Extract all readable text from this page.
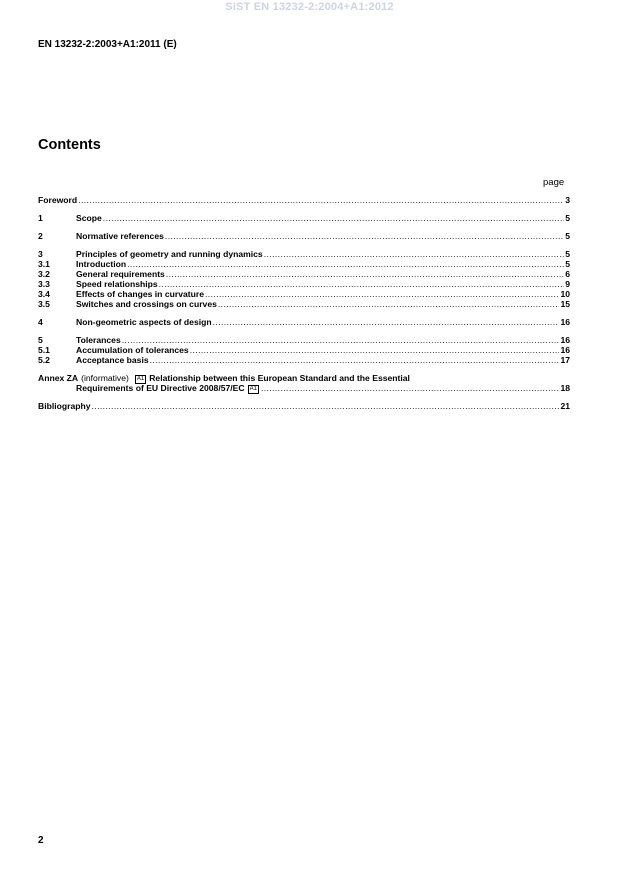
SIST EN 13232-2:2004+A1:2012
EN 13232-2:2003+A1:2011 (E)
Contents
page
Foreword .....	3
1	Scope .....	5
2	Normative references .....	5
3	Principles of geometry and running dynamics .....	5
3.1	Introduction .....	5
3.2	General requirements .....	6
3.3	Speed relationships .....	9
3.4	Effects of changes in curvature .....	10
3.5	Switches and crossings on curves .....	15
4	Non-geometric aspects of design .....	16
5	Tolerances .....	16
5.1	Accumulation of tolerances .....	16
5.2	Acceptance basis .....	17
Annex ZA (informative)	A1 Relationship between this European Standard and the Essential
Requirements of EU Directive 2008/57/EC A1 .....	18
Bibliography .....	21
2
